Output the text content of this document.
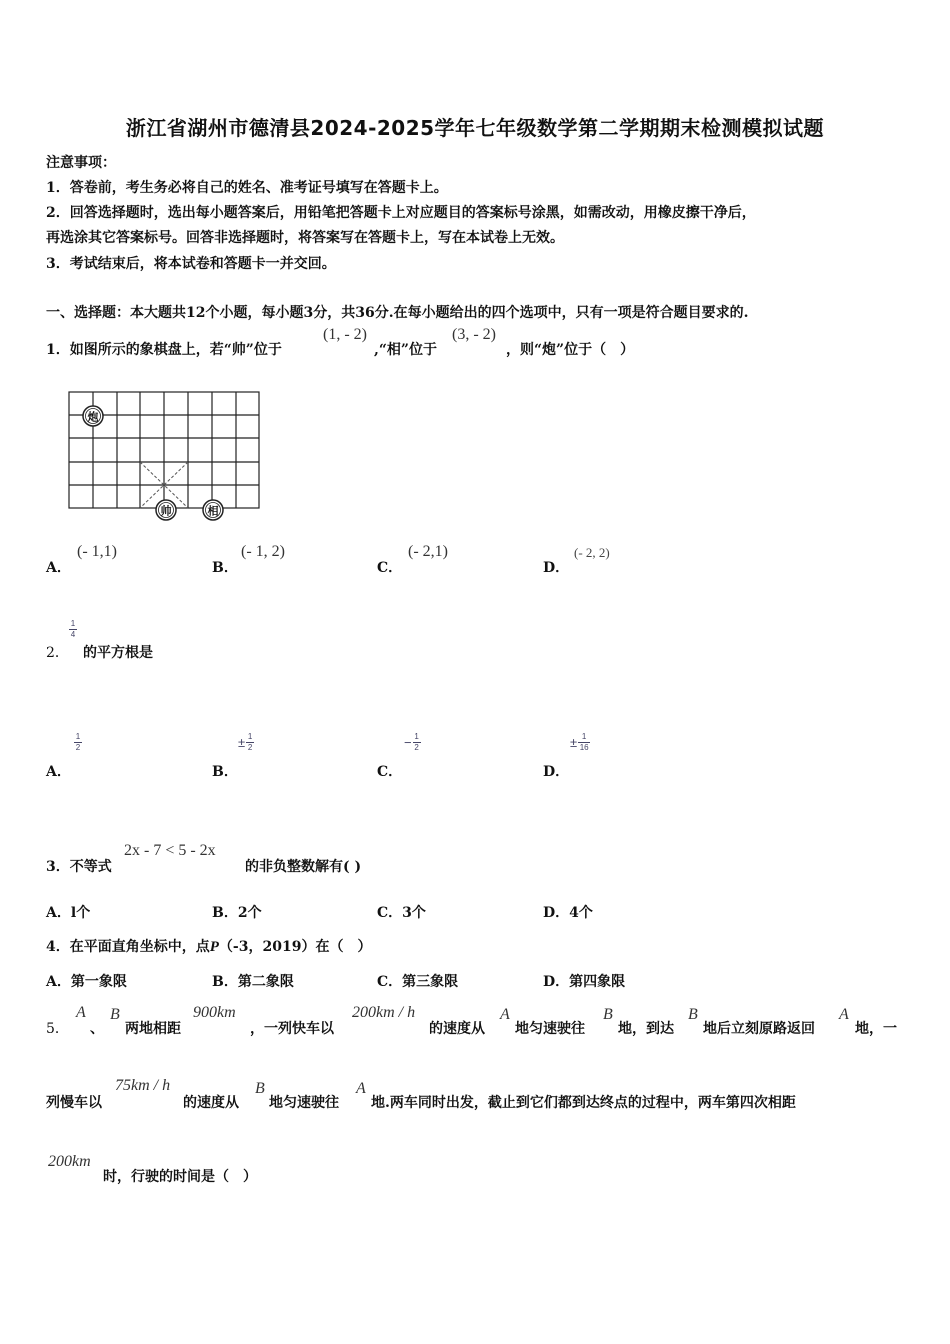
浙江省湖州市德清县2024-2025学年七年级数学第二学期期末检测模拟试题
注意事项：
1．答卷前，考生务必将自己的姓名、准考证号填写在答题卡上。
2．回答选择题时，选出每小题答案后，用铅笔把答题卡上对应题目的答案标号涂黑，如需改动，用橡皮擦干净后，
再选涂其它答案标号。回答非选择题时，将答案写在答题卡上，写在本试卷上无效。
3．考试结束后，将本试卷和答题卡一并交回。
一、选择题：本大题共12个小题，每小题3分，共36分.在每小题给出的四个选项中，只有一项是符合题目要求的.
1．如图所示的象棋盘上，若“帅”位于
(1, - 2)
,“相”位于
(3, - 2)
，则“炮”位于（　）
炮
帅	相
A．
(- 1,1)
B．
(- 1, 2)
C．
(- 2,1)
D．
(- 2, 2)
$\frac{1}{4}$
2． 的平方根是
A．
$\frac{1}{2}$
B．
± $\frac{1}{2}$
C．
− $\frac{1}{2}$
D．
± $\frac{1}{16}$
3．不等式
2x - 7 < 5 - 2x
的非负整数解有( )
A．l个	B．2个	C．3个	D．4个
4．在平面直角坐标中，点P（-3，2019）在（　）
A．第一象限	B．第二象限	C．第三象限	D．第四象限
5．
A
、
B
两地相距
900km
，一列快车以
200km / h
的速度从
A
地匀速驶往
B
地，到达
B
地后立刻原路返回
A
地，一
列慢车以
75km / h
的速度从
B
地匀速驶往
A
地.两车同时出发，截止到它们都到达终点的过程中，两车第四次相距
200km
时，行驶的时间是（　）
